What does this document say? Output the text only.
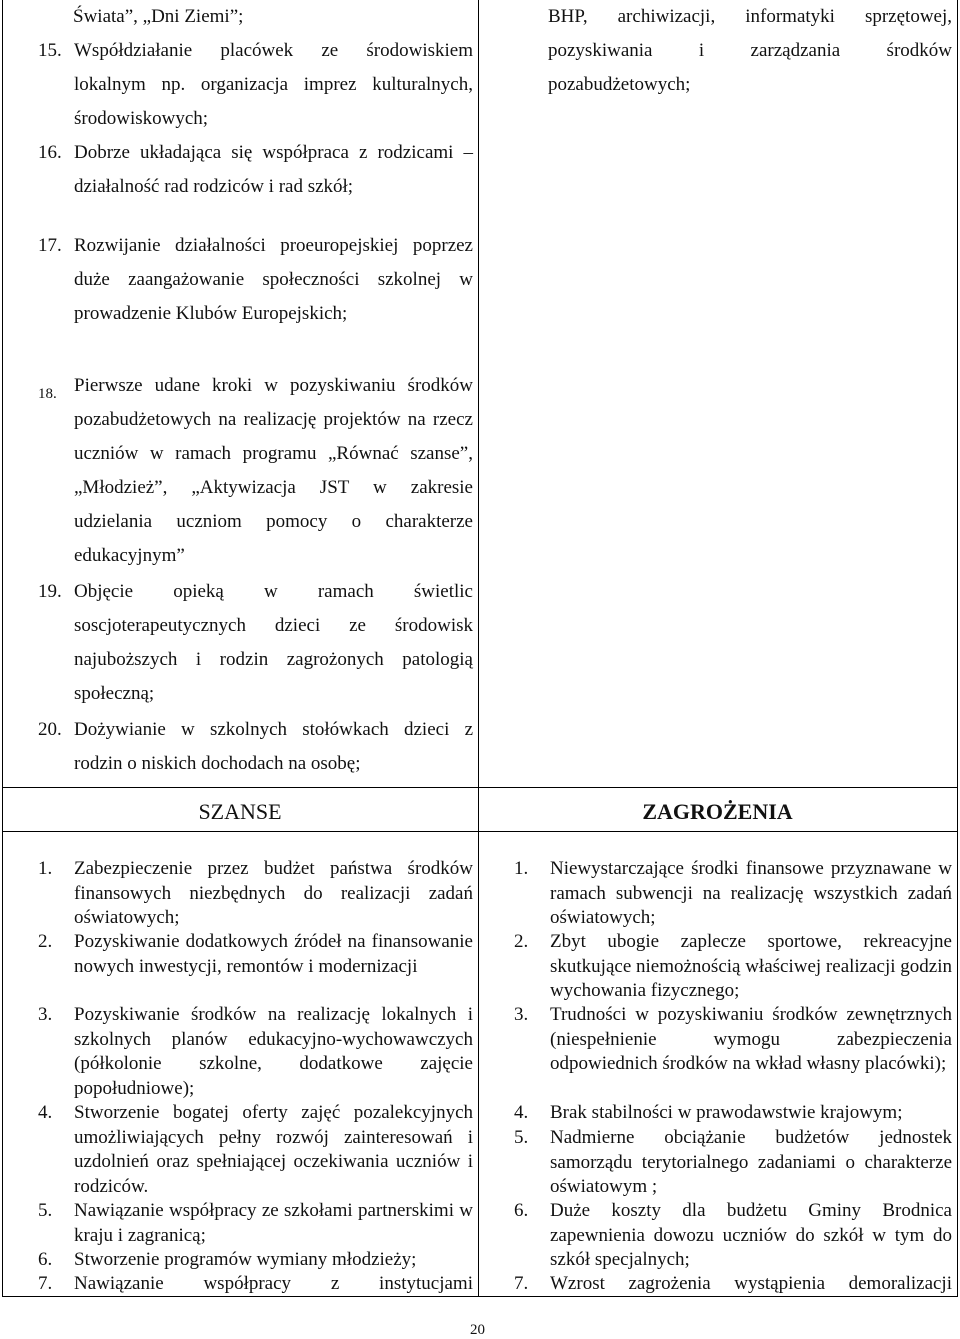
Świata”, „Dni Ziemi”;
15. Współdziałanie placówek ze środowiskiem lokalnym np. organizacja imprez kulturalnych, środowiskowych;
16. Dobrze układająca się współpraca z rodzicami – działalność rad rodziców i rad szkół;
17. Rozwijanie działalności proeuropejskiej poprzez duże zaangażowanie społeczności szkolnej w prowadzenie Klubów Europejskich;
18. Pierwsze udane kroki w pozyskiwaniu środków pozabudżetowych na realizację projektów na rzecz uczniów w ramach programu „Równać szanse”, „Młodzież”, „Aktywizacja JST w zakresie udzielania uczniom pomocy o charakterze edukacyjnym”
19. Objęcie opieką w ramach świetlic soscjoterapeutycznych dzieci ze środowisk najuboższych i rodzin zagrożonych patologią społeczną;
20. Dożywianie w szkolnych stołówkach dzieci z rodzin o niskich dochodach na osobę;
BHP, archiwizacji, informatyki sprzętowej, pozyskiwania i zarządzania środków pozabudżetowych;
SZANSE	ZAGROŻENIA
1.	Zabezpieczenie przez budżet państwa środków finansowych niezbędnych do realizacji zadań oświatowych;
2.	Pozyskiwanie dodatkowych źródeł na finansowanie nowych inwestycji, remontów i modernizacji
3.	Pozyskiwanie środków na realizację lokalnych i szkolnych planów edukacyjno-wychowawczych (półkolonie szkolne, dodatkowe zajęcie popołudniowe);
4.	Stworzenie bogatej oferty zajęć pozalekcyjnych umożliwiających pełny rozwój zainteresowań i uzdolnień oraz spełniającej oczekiwania uczniów i rodziców.
5.	Nawiązanie współpracy ze szkołami partnerskimi w kraju i zagranicą;
6.	Stworzenie programów wymiany młodzieży;
7.	Nawiązanie współpracy z instytucjami
1.	Niewystarczające środki finansowe przyznawane w ramach subwencji na realizację wszystkich zadań oświatowych;
2.	Zbyt ubogie zaplecze sportowe, rekreacyjne skutkujące niemożnością właściwej realizacji godzin wychowania fizycznego;
3.	Trudności w pozyskiwaniu środków zewnętrznych (niespełnienie wymogu zabezpieczenia odpowiednich środków na wkład własny placówki);
4.	Brak stabilności w prawodawstwie krajowym;
5.	Nadmierne obciążanie budżetów jednostek samorządu terytorialnego zadaniami o charakterze oświatowym ;
6.	Duże koszty dla budżetu Gminy Brodnica zapewnienia dowozu uczniów do szkół w tym do szkół specjalnych;
7.	Wzrost zagrożenia wystąpienia demoralizacji
20
